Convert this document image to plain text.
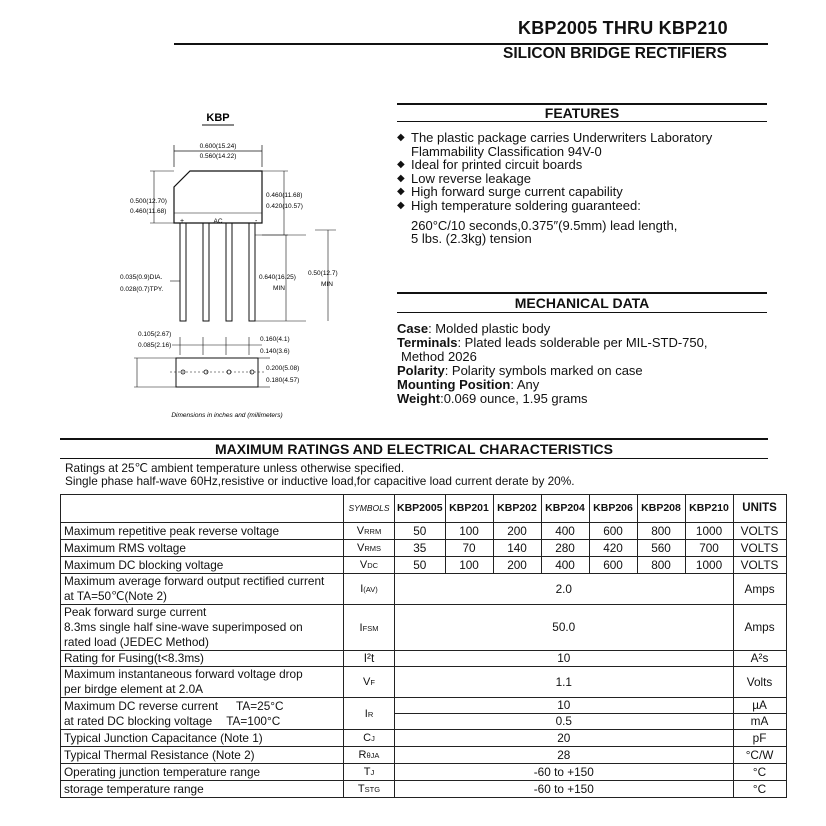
KBP2005 THRU KBP210
SILICON BRIDGE RECTIFIERS
KBP
0.600(15.24)
0.560(14.22)
+	AC	-
0.500(12.70)
0.460(11.68)
0.460(11.68)
0.420(10.57)
0.035(0.9)DIA.
0.028(0.7)TPY.
0.640(16.25)
MIN
0.50(12.7)
MIN
0.105(2.67)
0.085(2.16)
0.160(4.1)
0.140(3.6)
0.200(5.08)
0.180(4.57)
Dimensions in inches and (millimeters)
FEATURES
◆ The plastic package carries Underwriters Laboratory
Flammability Classification 94V-0
◆ Ideal for printed circuit boards
◆ Low reverse leakage
◆ High forward surge current capability
◆ High temperature soldering guaranteed:
260°C/10 seconds,0.375″(9.5mm) lead length,
5 lbs. (2.3kg) tension
MECHANICAL DATA
Case: Molded plastic body
Terminals: Plated leads solderable per MIL-STD-750,
Method 2026
Polarity: Polarity symbols marked on case
Mounting Position: Any
Weight:0.069 ounce, 1.95 grams
MAXIMUM RATINGS AND ELECTRICAL CHARACTERISTICS
Ratings at 25℃ ambient temperature unless otherwise specified.
Single phase half-wave 60Hz,resistive or inductive load,for capacitive load current derate by 20%.
	SYMBOLS	KBP2005	KBP201	KBP202	KBP204	KBP206	KBP208	KBP210	UNITS
Maximum repetitive peak reverse voltage	VRRM	50	100	200	400	600	800	1000	VOLTS
Maximum RMS voltage	VRMS	35	70	140	280	420	560	700	VOLTS
Maximum DC blocking voltage	VDC	50	100	200	400	600	800	1000	VOLTS

Maximum average forward output rectified current
at TA=50℃(Note 2)	I(AV)	2.0							Amps

Peak forward surge current
8.3ms single half sine-wave superimposed on
rated load (JEDEC Method)	IFSM	50.0							Amps
Rating for Fusing(t<8.3ms)	I²t	10							A²s

Maximum instantaneous forward voltage drop
per birdge element at 2.0A	VF	1.1							Volts

Maximum DC reverse current TA=25°C
at rated DC blocking voltage TA=100°C	IR	10							µA
		0.5							mA
Typical Junction Capacitance (Note 1)	CJ	20							pF
Typical Thermal Resistance (Note 2)	RθJA	28							°C/W
Operating junction temperature range	TJ	-60 to +150							°C
storage temperature range	TSTG	-60 to +150							°C
